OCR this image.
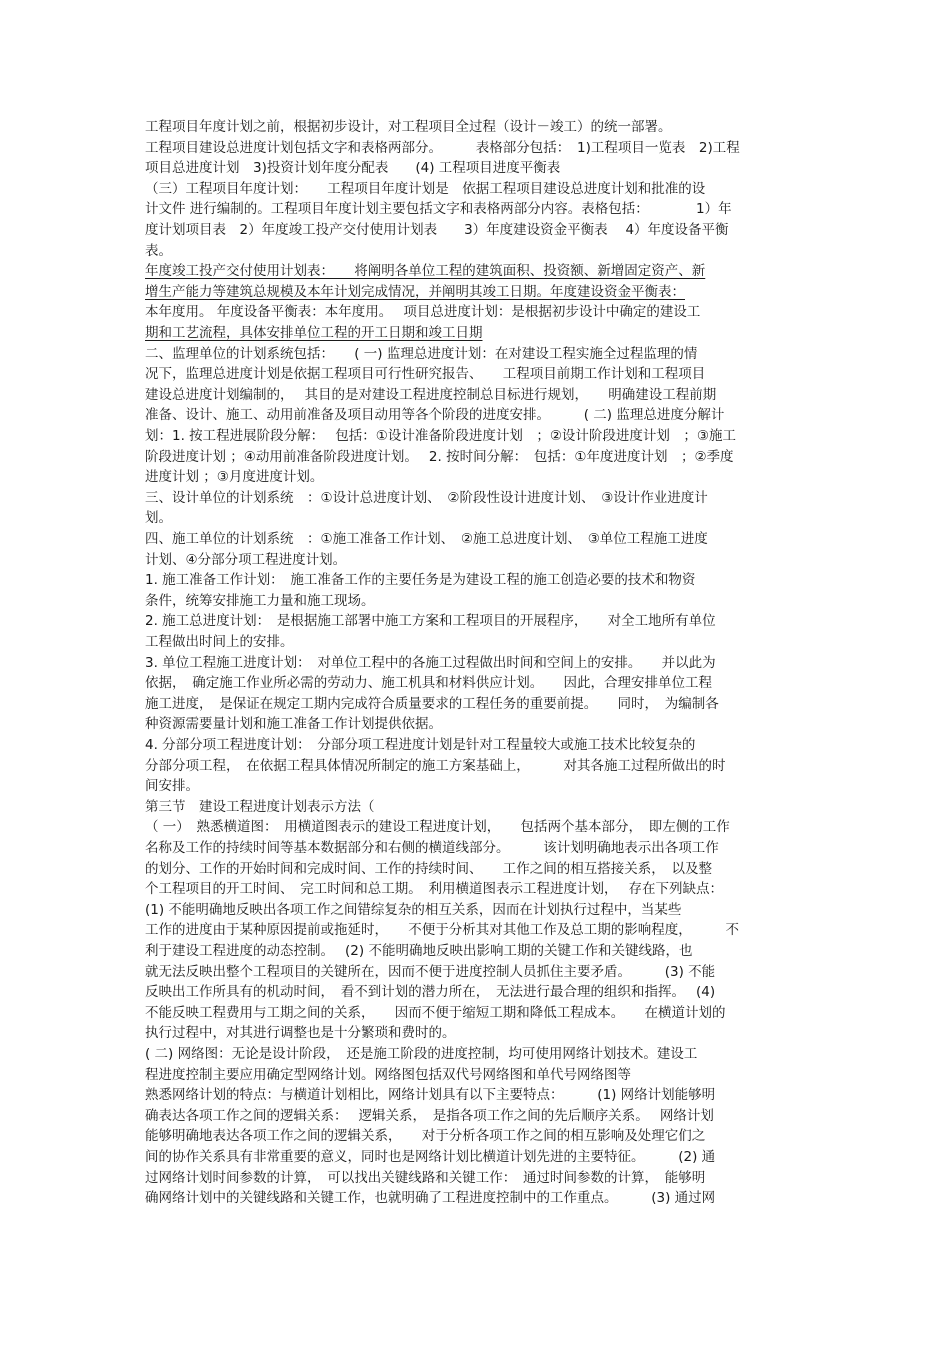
工程项目年度计划之前，根据初步设计，对工程项目全过程（设计－竣工）的统一部署。

工程项目建设总进度计划包括文字和表格两部分。　　　表格部分包括：　1)工程项目一览表　2)工程

项目总进度计划　3)投资计划年度分配表　　(4) 工程项目进度平衡表

（三）工程项目年度计划：　　工程项目年度计划是　依据工程项目建设总进度计划和批准的设

计文件 进行编制的。工程项目年度计划主要包括文字和表格两部分内容。表格包括：　　　　1）年

度计划项目表　2）年度竣工投产交付使用计划表　　3）年度建设资金平衡表　 4）年度设备平衡

表。

年度竣工投产交付使用计划表：　　将阐明各单位工程的建筑面积、投资额、新增固定资产、新

增生产能力等建筑总规模及本年计划完成情况，并阐明其竣工日期。年度建设资金平衡表：

本年度用。 年度设备平衡表：本年度用。　 项目总进度计划：是根据初步设计中确定的建设工

期和工艺流程，具体安排单位工程的开工日期和竣工日期

二、监理单位的计划系统包括：　　( 一) 监理总进度计划：在对建设工程实施全过程监理的情

况下，监理总进度计划是依据工程项目可行性研究报告、　　工程项目前期工作计划和工程项目

建设总进度计划编制的，　 其目的是对建设工程进度控制总目标进行规划，　　明确建设工程前期

准备、设计、施工、动用前准备及项目动用等各个阶段的进度安排。　　　( 二) 监理总进度分解计

划：1. 按工程进展阶段分解：　 包括：①设计准备阶段进度计划　；②设计阶段进度计划　；③施工

阶段进度计划 ；④动用前准备阶段进度计划。　 2. 按时间分解：　包括：①年度进度计划　；②季度

进度计划 ；③月度进度计划。

三、设计单位的计划系统　：①设计总进度计划、　②阶段性设计进度计划、　③设计作业进度计

划。

四、施工单位的计划系统　：①施工准备工作计划、　②施工总进度计划、　③单位工程施工进度

计划、④分部分项工程进度计划。

1. 施工准备工作计划：　施工准备工作的主要任务是为建设工程的施工创造必要的技术和物资

条件，统筹安排施工力量和施工现场。

2. 施工总进度计划：　是根据施工部署中施工方案和工程项目的开展程序，　　对全工地所有单位

工程做出时间上的安排。

3. 单位工程施工进度计划：　对单位工程中的各施工过程做出时间和空间上的安排。　　并以此为

依据，　确定施工作业所必需的劳动力、施工机具和材料供应计划。　　因此，合理安排单位工程

施工进度，　是保证在规定工期内完成符合质量要求的工程任务的重要前提。　　同时，　为编制各

种资源需要量计划和施工准备工作计划提供依据。

4. 分部分项工程进度计划：　分部分项工程进度计划是针对工程量较大或施工技术比较复杂的

分部分项工程，　在依据工程具体情况所制定的施工方案基础上，　　　对其各施工过程所做出的时

间安排。

第三节　建设工程进度计划表示方法（

（ 一）　熟悉横道图：　用横道图表示的建设工程进度计划，　　包括两个基本部分，　即左侧的工作

名称及工作的持续时间等基本数据部分和右侧的横道线部分。　　　该计划明确地表示出各项工作

的划分、工作的开始时间和完成时间、工作的持续时间、　　工作之间的相互搭接关系，　以及整

个工程项目的开工时间、　完工时间和总工期。　利用横道图表示工程进度计划，　 存在下列缺点：

(1) 不能明确地反映出各项工作之间错综复杂的相互关系，因而在计划执行过程中，当某些

工作的进度由于某种原因提前或拖延时，　　不便于分析其对其他工作及总工期的影响程度，　　　不

利于建设工程进度的动态控制。　 (2) 不能明确地反映出影响工期的关键工作和关键线路，也

就无法反映出整个工程项目的关键所在，因而不便于进度控制人员抓住主要矛盾。　　　(3) 不能

反映出工作所具有的机动时间，　看不到计划的潜力所在，　无法进行最合理的组织和指挥。　 (4)

不能反映工程费用与工期之间的关系，　　因而不便于缩短工期和降低工程成本。　　在横道计划的

执行过程中，对其进行调整也是十分繁琐和费时的。

( 二) 网络图：无论是设计阶段，　还是施工阶段的进度控制，均可使用网络计划技术。建设工

程进度控制主要应用确定型网络计划。网络图包括双代号网络图和单代号网络图等

熟悉网络计划的特点：与横道计划相比，网络计划具有以下主要特点：　　　(1) 网络计划能够明

确表达各项工作之间的逻辑关系：　 逻辑关系，　是指各项工作之间的先后顺序关系。　 网络计划

能够明确地表达各项工作之间的逻辑关系，　　对于分析各项工作之间的相互影响及处理它们之

间的协作关系具有非常重要的意义，同时也是网络计划比横道计划先进的主要特征。　　　(2) 通

过网络计划时间参数的计算，　可以找出关键线路和关键工作：　通过时间参数的计算，　能够明

确网络计划中的关键线路和关键工作，也就明确了工程进度控制中的工作重点。　　　(3) 通过网
